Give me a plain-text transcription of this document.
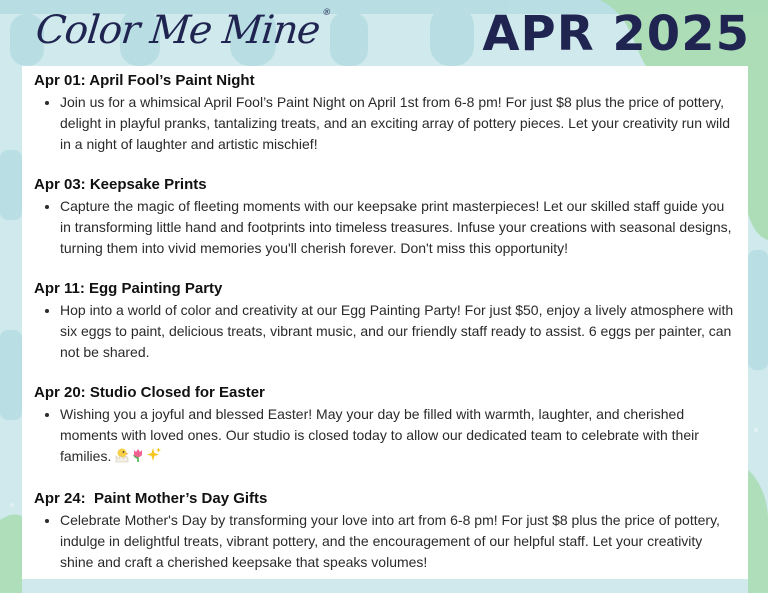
Color Me Mine®	APR 2025
Apr 01: April Fool’s Paint Night
• Join us for a whimsical April Fool’s Paint Night on April 1st from 6-8 pm! For just $8 plus the price of pottery, delight in playful pranks, tantalizing treats, and an exciting array of pottery pieces. Let your creativity run wild in a night of laughter and artistic mischief!
Apr 03: Keepsake Prints
• Capture the magic of fleeting moments with our keepsake print masterpieces! Let our skilled staff guide you in transforming little hand and footprints into timeless treasures. Infuse your creations with seasonal designs, turning them into vivid memories you'll cherish forever. Don't miss this opportunity!
Apr 11: Egg Painting Party
• Hop into a world of color and creativity at our Egg Painting Party! For just $50, enjoy a lively atmosphere with six eggs to paint, delicious treats, vibrant music, and our friendly staff ready to assist. 6 eggs per painter, can not be shared.
Apr 20: Studio Closed for Easter
• Wishing you a joyful and blessed Easter! May your day be filled with warmth, laughter, and cherished moments with loved ones. Our studio is closed today to allow our dedicated team to celebrate with their families.
Apr 24:  Paint Mother’s Day Gifts
• Celebrate Mother's Day by transforming your love into art from 6-8 pm! For just $8 plus the price of pottery, indulge in delightful treats, vibrant pottery, and the encouragement of our helpful staff. Let your creativity shine and craft a cherished keepsake that speaks volumes!
